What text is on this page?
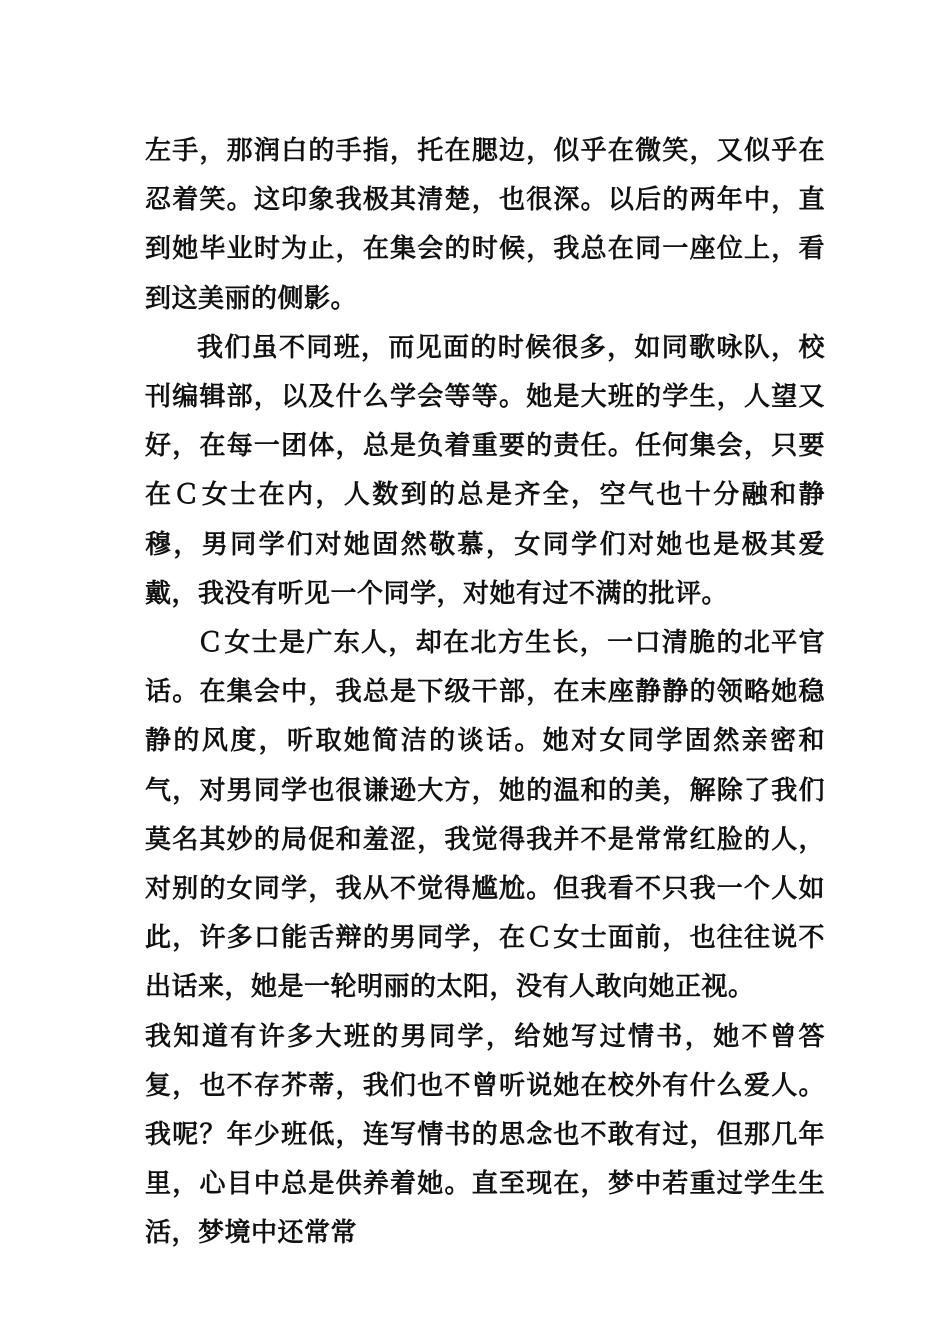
左手，那润白的手指，托在腮边，似乎在微笑，又似乎在忍着笑。这印象我极其清楚，也很深。以后的两年中，直到她毕业时为止，在集会的时候，我总在同一座位上，看到这美丽的侧影。

我们虽不同班，而见面的时候很多，如同歌咏队，校刊编辑部，以及什么学会等等。她是大班的学生，人望又好，在每一团体，总是负着重要的责任。任何集会，只要在Ｃ女士在内，人数到的总是齐全，空气也十分融和静穆，男同学们对她固然敬慕，女同学们对她也是极其爱戴，我没有听见一个同学，对她有过不满的批评。

Ｃ女士是广东人，却在北方生长，一口清脆的北平官话。在集会中，我总是下级干部，在末座静静的领略她稳静的风度，听取她简洁的谈话。她对女同学固然亲密和气，对男同学也很谦逊大方，她的温和的美，解除了我们莫名其妙的局促和羞涩，我觉得我并不是常常红脸的人，对别的女同学，我从不觉得尴尬。但我看不只我一个人如此，许多口能舌辩的男同学，在Ｃ女士面前，也往往说不出话来，她是一轮明丽的太阳，没有人敢向她正视。

我知道有许多大班的男同学，给她写过情书，她不曾答复，也不存芥蒂，我们也不曾听说她在校外有什么爱人。我呢？年少班低，连写情书的思念也不敢有过，但那几年里，心目中总是供养着她。直至现在，梦中若重过学生生活，梦境中还常常
